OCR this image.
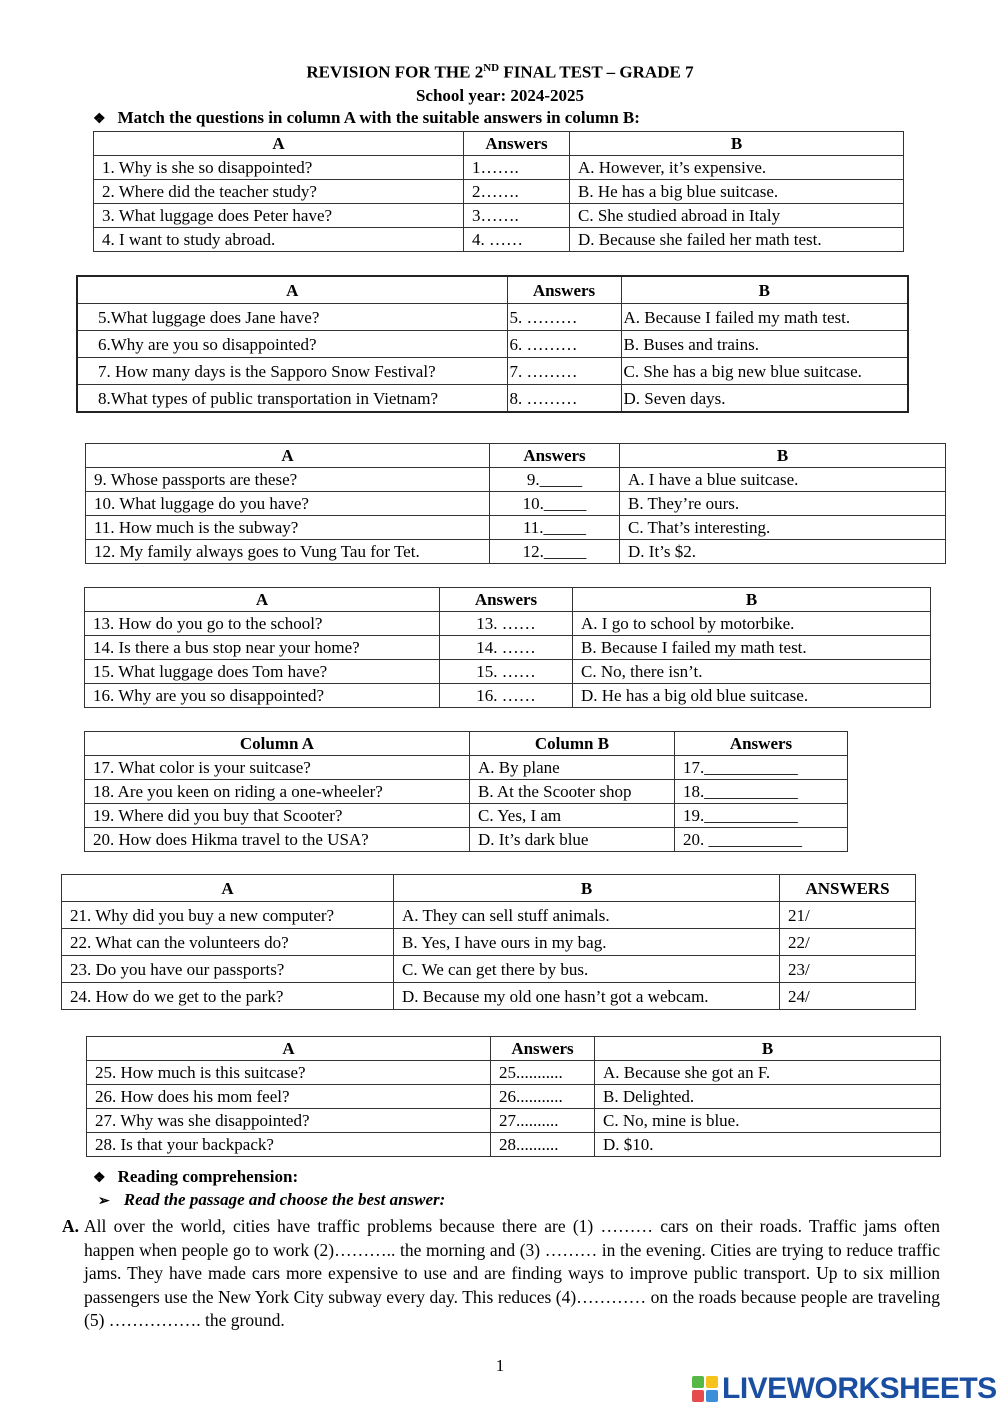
REVISION FOR THE 2ND FINAL TEST – GRADE 7
School year: 2024-2025
❖ Match the questions in column A with the suitable answers in column B:
A	Answers	B
1. Why is she so disappointed?	1…….	A. However, it’s expensive.
2. Where did the teacher study?	2…….	B. He has a big blue suitcase.
3. What luggage does Peter have?	3…….	C. She studied abroad in Italy
4. I want to study abroad.	4. ……	D. Because she failed her math test.
A	Answers	B
5.What luggage does Jane have?	5. ………	A. Because I failed my math test.
6.Why are you so disappointed?	6. ………	B. Buses and trains.
7. How many days is the Sapporo Snow Festival?	7. ………	C. She has a big new blue suitcase.
8.What types of public transportation in Vietnam?	8. ………	D. Seven days.
A	Answers	B
9. Whose passports are these?	9._____	A. I have a blue suitcase.
10. What luggage do you have?	10._____	B. They’re ours.
11. How much is the subway?	11._____	C. That’s interesting.
12. My family always goes to Vung Tau for Tet.	12._____	D. It’s $2.
A	Answers	B
13. How do you go to the school?	13. ……	A. I go to school by motorbike.
14. Is there a bus stop near your home?	14. ……	B. Because I failed my math test.
15. What luggage does Tom have?	15. ……	C. No, there isn’t.
16. Why are you so disappointed?	16. ……	D. He has a big old blue suitcase.
Column A	Column B	Answers
17. What color is your suitcase?	A. By plane	17.___________
18. Are you keen on riding a one-wheeler?	B. At the Scooter shop	18.___________
19. Where did you buy that Scooter?	C. Yes, I am	19.___________
20. How does Hikma travel to the USA?	D. It’s dark blue	20. ___________
A	B	ANSWERS
21. Why did you buy a new computer?	A. They can sell stuff animals.	21/
22. What can the volunteers do?	B. Yes, I have ours in my bag.	22/
23. Do you have our passports?	C. We can get there by bus.	23/
24. How do we get to the park?	D. Because my old one hasn’t got a webcam.	24/
A	Answers	B
25. How much is this suitcase?	25...........	A. Because she got an F.
26. How does his mom feel?	26...........	B. Delighted.
27. Why was she disappointed?	27..........	C. No, mine is blue.
28. Is that your backpack?	28..........	D. $10.
❖ Reading comprehension:
➢ Read the passage and choose the best answer:
A. All over the world, cities have traffic problems because there are (1) ……… cars on their roads. Traffic jams often happen when people go to work (2)……….. the morning and (3) ……… in the evening. Cities are trying to reduce traffic jams. They have made cars more expensive to use and are finding ways to improve public transport. Up to six million passengers use the New York City subway every day. This reduces (4)………… on the roads because people are traveling (5) ……………. the ground.
1
LIVEWORKSHEETS
